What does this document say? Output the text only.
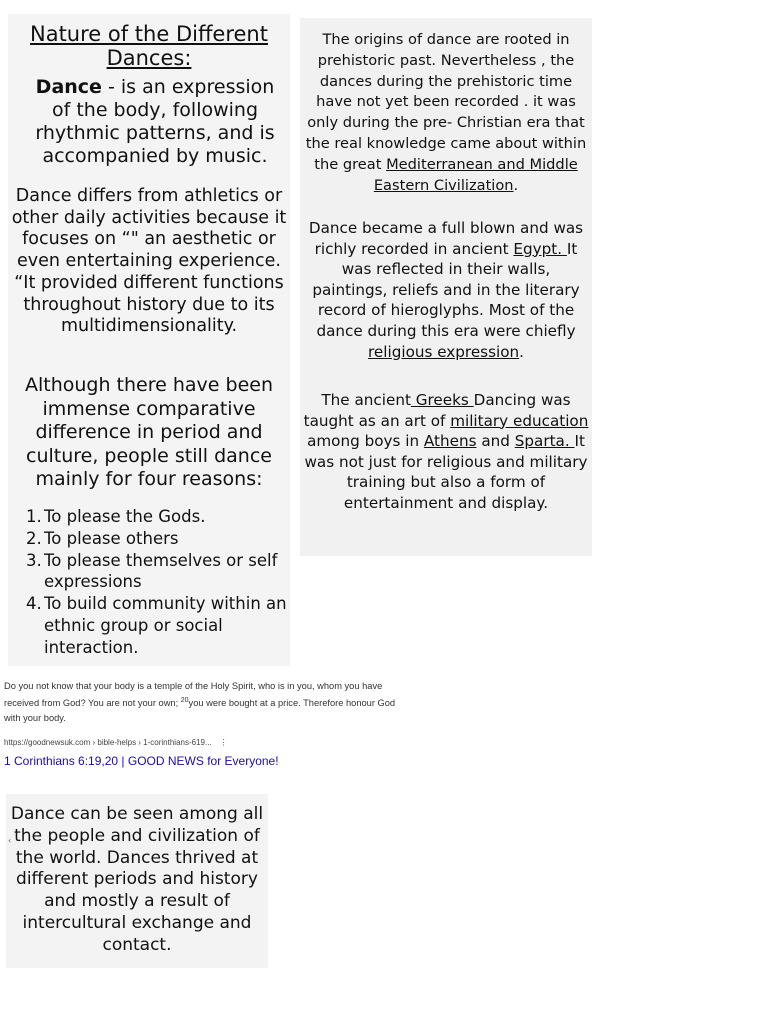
Nature of the Different
Dances:
Dance - is an expression of the body, following rhythmic patterns, and is accompanied by music.
Dance differs from athletics or other daily activities because it focuses on “" an aesthetic or even entertaining experience. “It provided different functions throughout history due to its multidimensionality.
Although there have been immense comparative difference in period and culture, people still dance mainly for four reasons:
1. To please the Gods.
2. To please others
3. To please themselves or self expressions
4. To build community within an ethnic group or social interaction.
The origins of dance are rooted in prehistoric past. Nevertheless , the dances during the prehistoric time have not yet been recorded . it was only during the pre- Christian era that the real knowledge came about within the great Mediterranean and Middle Eastern Civilization.
Dance became a full blown and was richly recorded in ancient Egypt. It was reflected in their walls, paintings, reliefs and in the literary record of hieroglyphs. Most of the dance during this era were chiefly religious expression.
The ancient Greeks Dancing was taught as an art of military education among boys in Athens and Sparta. It was not just for religious and military training but also a form of entertainment and display.
Do you not know that your body is a temple of the Holy Spirit, who is in you, whom you have received from God? You are not your own; $^{20}$you were bought at a price. Therefore honour God with your body.
https://goodnewsuk.com › bible-helps › 1-corinthians-619... ⋮
1 Corinthians 6:19,20 | GOOD NEWS for Everyone!
‹
Dance can be seen among all the people and civilization of the world. Dances thrived at different periods and history and mostly a result of intercultural exchange and contact.
